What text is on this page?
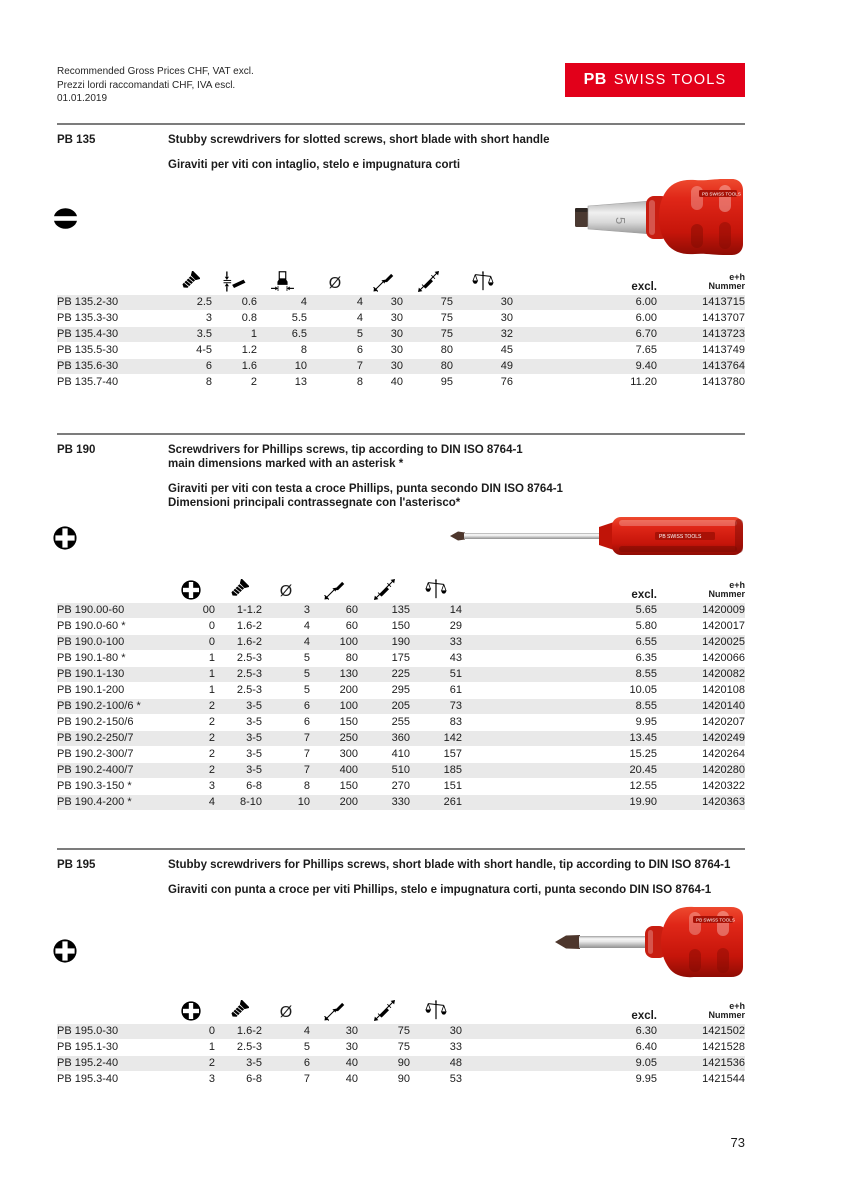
Recommended Gross Prices CHF, VAT excl.
Prezzi lordi raccomandati CHF, IVA escl.
01.01.2019
PB SWISS TOOLS
PB 135	Stubby screwdrivers for slotted screws, short blade with short handle
Giraviti per viti con intaglio, stelo e impugnatura corti
5
PB SWISS TOOLS

	Ø					excl.	e+h
Nummer

PB 135.2-30	2.5	0.6	4	4	30	75	30		6.00	1413715
PB 135.3-30	3	0.8	5.5	4	30	75	30		6.00	1413707
PB 135.4-30	3.5	1	6.5	5	30	75	32		6.70	1413723
PB 135.5-30	4-5	1.2	8	6	30	80	45		7.65	1413749
PB 135.6-30	6	1.6	10	7	30	80	49		9.40	1413764
PB 135.7-40	8	2	13	8	40	95	76		11.20	1413780
PB 190	Screwdrivers for Phillips screws, tip according to DIN ISO 8764-1
main dimensions marked with an asterisk *
Giraviti per viti con testa a croce Phillips, punta secondo DIN ISO 8764-1
Dimensioni principali contrassegnate con l'asterisco*
PB SWISS TOOLS

	Ø					excl.	e+h
Nummer

PB 190.00-60	00	1-1.2	3	60	135	14		5.65	1420009
PB 190.0-60 *	0	1.6-2	4	60	150	29		5.80	1420017
PB 190.0-100	0	1.6-2	4	100	190	33		6.55	1420025
PB 190.1-80 *	1	2.5-3	5	80	175	43		6.35	1420066
PB 190.1-130	1	2.5-3	5	130	225	51		8.55	1420082
PB 190.1-200	1	2.5-3	5	200	295	61		10.05	1420108
PB 190.2-100/6 *	2	3-5	6	100	205	73		8.55	1420140
PB 190.2-150/6	2	3-5	6	150	255	83		9.95	1420207
PB 190.2-250/7	2	3-5	7	250	360	142		13.45	1420249
PB 190.2-300/7	2	3-5	7	300	410	157		15.25	1420264
PB 190.2-400/7	2	3-5	7	400	510	185		20.45	1420280
PB 190.3-150 *	3	6-8	8	150	270	151		12.55	1420322
PB 190.4-200 *	4	8-10	10	200	330	261		19.90	1420363
PB 195	Stubby screwdrivers for Phillips screws, short blade with short handle, tip according to DIN ISO 8764-1
Giraviti con punta a croce per viti Phillips, stelo e impugnatura corti, punta secondo DIN ISO 8764-1
PB SWISS TOOLS

	Ø					excl.	e+h
Nummer

PB 195.0-30	0	1.6-2	4	30	75	30		6.30	1421502
PB 195.1-30	1	2.5-3	5	30	75	33		6.40	1421528
PB 195.2-40	2	3-5	6	40	90	48		9.05	1421536
PB 195.3-40	3	6-8	7	40	90	53		9.95	1421544
73
